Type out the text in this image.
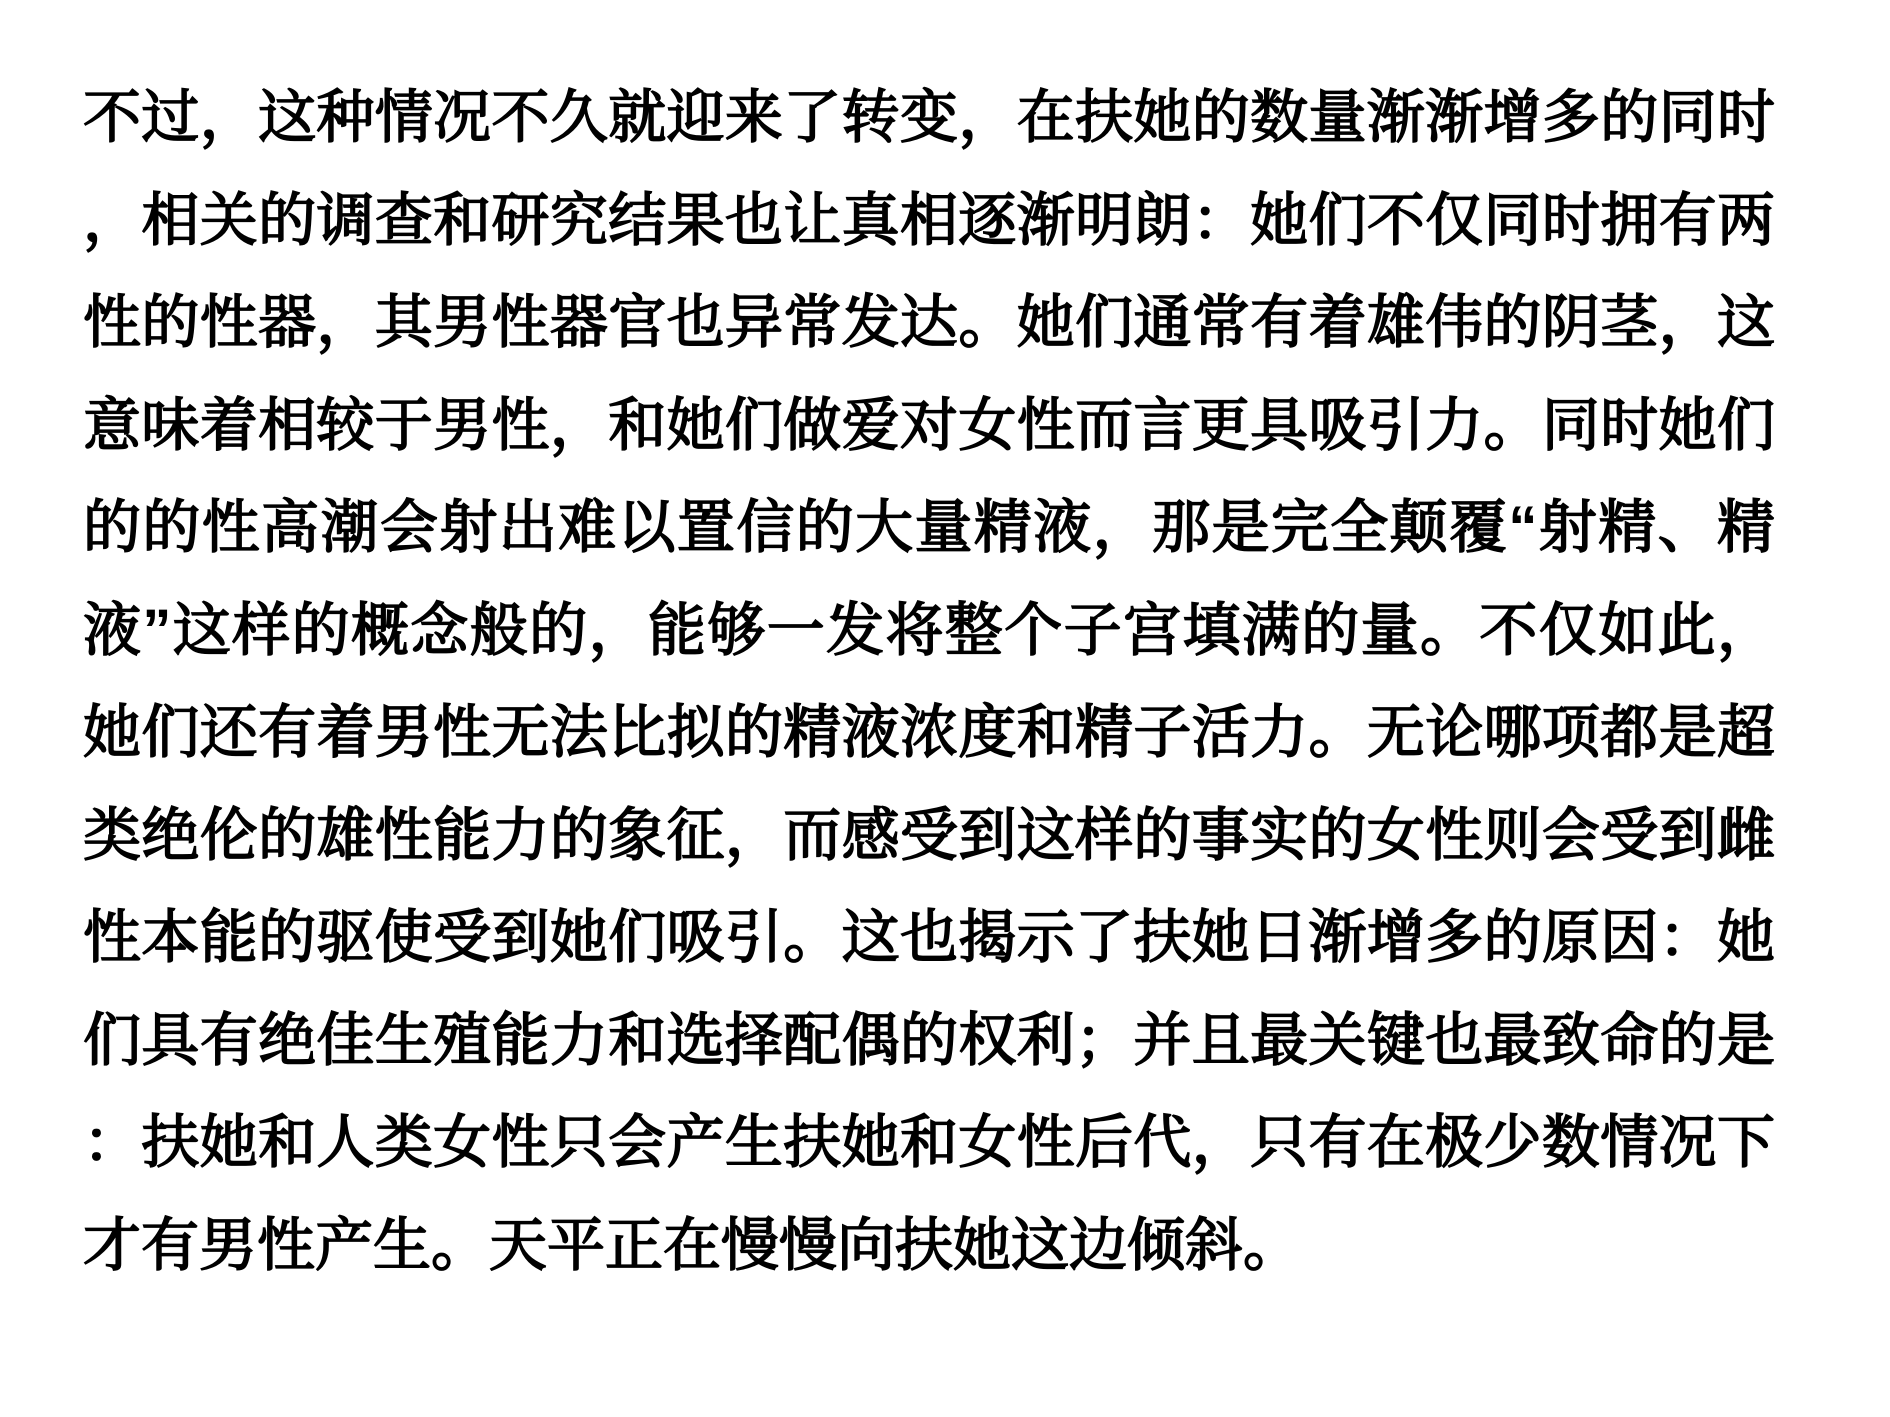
不过，这种情况不久就迎来了转变，在扶她的数量渐渐增多的同时
，相关的调查和研究结果也让真相逐渐明朗：她们不仅同时拥有两
性的性器，其男性器官也异常发达。她们通常有着雄伟的阴茎，这
意味着相较于男性，和她们做爱对女性而言更具吸引力。同时她们
的的性高潮会射出难以置信的大量精液，那是完全颠覆“射精、精
液”这样的概念般的，能够一发将整个子宫填满的量。不仅如此，
她们还有着男性无法比拟的精液浓度和精子活力。无论哪项都是超
类绝伦的雄性能力的象征，而感受到这样的事实的女性则会受到雌
性本能的驱使受到她们吸引。这也揭示了扶她日渐增多的原因：她
们具有绝佳生殖能力和选择配偶的权利；并且最关键也最致命的是
：扶她和人类女性只会产生扶她和女性后代，只有在极少数情况下
才有男性产生。天平正在慢慢向扶她这边倾斜。
